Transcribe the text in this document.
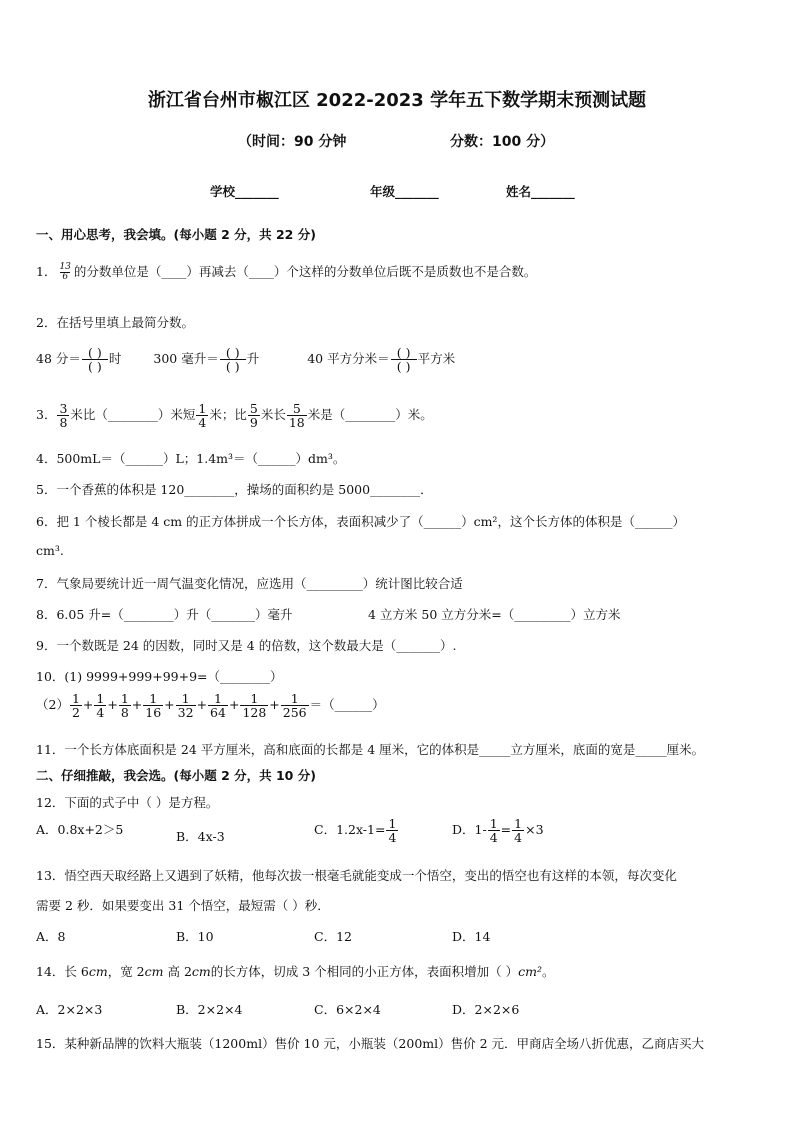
浙江省台州市椒江区 2022-2023 学年五下数学期末预测试题
（时间：90 分钟	分数：100 分）
学校_______	年级_______	姓名_______
一、用心思考，我会填。(每小题 2 分，共 22 分)
1． $\frac{13}{6}$ 的分数单位是（____）再减去（____）个这样的分数单位后既不是质数也不是合数。
2．在括号里填上最简分数。
48 分＝ $\frac{( )}{( )}$ 时	300 毫升＝ $\frac{( )}{( )}$ 升	40 平方分米＝ $\frac{( )}{( )}$ 平方米
3． $\frac{3}{8}$ 米比（________）米短 $\frac{1}{4}$ 米；比 $\frac{5}{9}$ 米长 $\frac{5}{18}$ 米是（________）米。
4．500mL＝（______）L；1.4m³＝（______）dm³。
5．一个香蕉的体积是 120________，操场的面积约是 5000________．
6．把 1 个棱长都是 4 cm 的正方体拼成一个长方体，表面积减少了（______）cm²，这个长方体的体积是（______）
cm³.
7．气象局要统计近一周气温变化情况，应选用（_________）统计图比较合适
8．6.05 升=（________）升（_______）毫升	4 立方米 50 立方分米=（_________）立方米
9．一个数既是 24 的因数，同时又是 4 的倍数，这个数最大是（_______）.
10．(1) 9999+999+99+9=（________）
$(2) \frac{1}{2} + \frac{1}{4} + \frac{1}{8} + \frac{1}{16} + \frac{1}{32} + \frac{1}{64} + \frac{1}{128} + \frac{1}{256}$ ＝（______）
11．一个长方体底面积是 24 平方厘米，高和底面的长都是 4 厘米，它的体积是_____立方厘米，底面的宽是_____厘米。
二、仔细推敲，我会选。(每小题 2 分，共 10 分)
12．下面的式子中（ ）是方程。
A．0.8x+2＞5	B．4x-3	C．$1.2x-1= \frac{1}{4}$	D．$1- \frac{1}{4} = \frac{1}{4} \times 3$
13．悟空西天取经路上又遇到了妖精，他每次拔一根毫毛就能变成一个悟空，变出的悟空也有这样的本领，每次变化
需要 2 秒．如果要变出 31 个悟空，最短需（ ）秒．
A．8	B．10	C．12	D．14
14．长 6cm，宽 2cm 高 2cm的长方体，切成 3 个相同的小正方体，表面积增加（ ）cm²。
A．2×2×3	B．2×2×4	C．6×2×4	D．2×2×6
15．某种新品牌的饮料大瓶装（1200ml）售价 10 元，小瓶装（200ml）售价 2 元．甲商店全场八折优惠，乙商店买大
